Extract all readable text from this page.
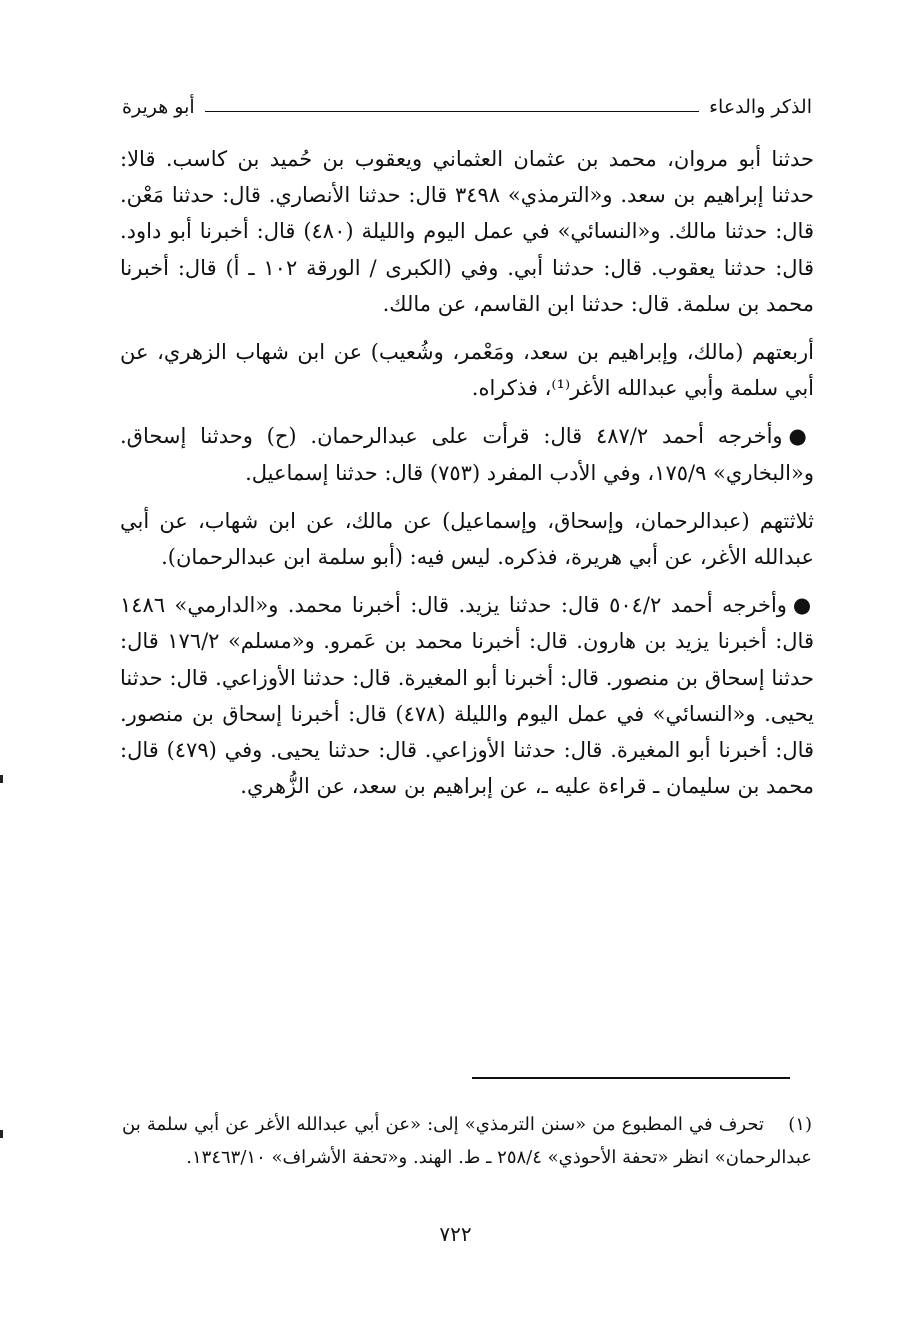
الذكر والدعاء
أبو هريرة

حدثنا أبو مروان، محمد بن عثمان العثماني ويعقوب بن حُميد بن كاسب. قالا: حدثنا إبراهيم بن سعد. و«الترمذي» ٣٤٩٨ قال: حدثنا الأنصاري. قال: حدثنا مَعْن. قال: حدثنا مالك. و«النسائي» في عمل اليوم والليلة (٤٨٠) قال: أخبرنا أبو داود. قال: حدثنا يعقوب. قال: حدثنا أبي. وفي (الكبرى / الورقة ١٠٢ ـ أ) قال: أخبرنا محمد بن سلمة. قال: حدثنا ابن القاسم، عن مالك.

أربعتهم (مالك، وإبراهيم بن سعد، ومَعْمر، وشُعيب) عن ابن شهاب الزهري، عن أبي سلمة وأبي عبدالله الأغر⁽¹⁾، فذكراه.

●وأخرجه أحمد ٤٨٧/٢ قال: قرأت على عبدالرحمان. (ح) وحدثنا إسحاق. و«البخاري» ١٧٥/٩، وفي الأدب المفرد (٧٥٣) قال: حدثنا إسماعيل.

ثلاثتهم (عبدالرحمان، وإسحاق، وإسماعيل) عن مالك، عن ابن شهاب، عن أبي عبدالله الأغر، عن أبي هريرة، فذكره. ليس فيه: (أبو سلمة ابن عبدالرحمان).

●وأخرجه أحمد ٥٠٤/٢ قال: حدثنا يزيد. قال: أخبرنا محمد. و«الدارمي» ١٤٨٦ قال: أخبرنا يزيد بن هارون. قال: أخبرنا محمد بن عَمرو. و«مسلم» ١٧٦/٢ قال: حدثنا إسحاق بن منصور. قال: أخبرنا أبو المغيرة. قال: حدثنا الأوزاعي. قال: حدثنا يحيى. و«النسائي» في عمل اليوم والليلة (٤٧٨) قال: أخبرنا إسحاق بن منصور. قال: أخبرنا أبو المغيرة. قال: حدثنا الأوزاعي. قال: حدثنا يحيى. وفي (٤٧٩) قال: محمد بن سليمان ـ قراءة عليه ـ، عن إبراهيم بن سعد، عن الزُّهري.

(١)تحرف في المطبوع من «سنن الترمذي» إلى: «عن أبي عبدالله الأغر عن أبي سلمة بن عبدالرحمان» انظر «تحفة الأحوذي» ٢٥٨/٤ ـ ط. الهند. و«تحفة الأشراف» ١٣٤٦٣/١٠.
٧٢٢
